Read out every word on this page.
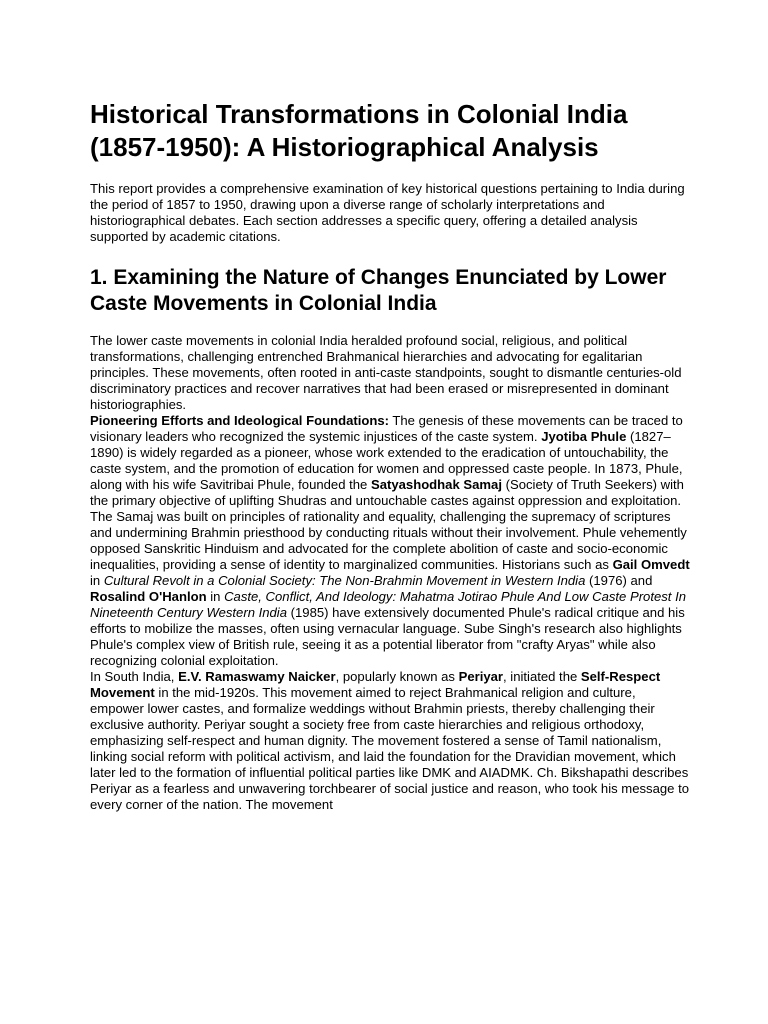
Historical Transformations in Colonial India (1857-1950): A Historiographical Analysis

This report provides a comprehensive examination of key historical questions pertaining to India during the period of 1857 to 1950, drawing upon a diverse range of scholarly interpretations and historiographical debates. Each section addresses a specific query, offering a detailed analysis supported by academic citations.

1. Examining the Nature of Changes Enunciated by Lower Caste Movements in Colonial India

The lower caste movements in colonial India heralded profound social, religious, and political transformations, challenging entrenched Brahmanical hierarchies and advocating for egalitarian principles. These movements, often rooted in anti-caste standpoints, sought to dismantle centuries-old discriminatory practices and recover narratives that had been erased or misrepresented in dominant historiographies.

Pioneering Efforts and Ideological Foundations: The genesis of these movements can be traced to visionary leaders who recognized the systemic injustices of the caste system. Jyotiba Phule (1827–1890) is widely regarded as a pioneer, whose work extended to the eradication of untouchability, the caste system, and the promotion of education for women and oppressed caste people. In 1873, Phule, along with his wife Savitribai Phule, founded the Satyashodhak Samaj (Society of Truth Seekers) with the primary objective of uplifting Shudras and untouchable castes against oppression and exploitation. The Samaj was built on principles of rationality and equality, challenging the supremacy of scriptures and undermining Brahmin priesthood by conducting rituals without their involvement. Phule vehemently opposed Sanskritic Hinduism and advocated for the complete abolition of caste and socio-economic inequalities, providing a sense of identity to marginalized communities. Historians such as Gail Omvedt in Cultural Revolt in a Colonial Society: The Non-Brahmin Movement in Western India (1976) and Rosalind O'Hanlon in Caste, Conflict, And Ideology: Mahatma Jotirao Phule And Low Caste Protest In Nineteenth Century Western India (1985) have extensively documented Phule's radical critique and his efforts to mobilize the masses, often using vernacular language. Sube Singh's research also highlights Phule's complex view of British rule, seeing it as a potential liberator from "crafty Aryas" while also recognizing colonial exploitation.

In South India, E.V. Ramaswamy Naicker, popularly known as Periyar, initiated the Self-Respect Movement in the mid-1920s. This movement aimed to reject Brahmanical religion and culture, empower lower castes, and formalize weddings without Brahmin priests, thereby challenging their exclusive authority. Periyar sought a society free from caste hierarchies and religious orthodoxy, emphasizing self-respect and human dignity. The movement fostered a sense of Tamil nationalism, linking social reform with political activism, and laid the foundation for the Dravidian movement, which later led to the formation of influential political parties like DMK and AIADMK. Ch. Bikshapathi describes Periyar as a fearless and unwavering torchbearer of social justice and reason, who took his message to every corner of the nation. The movement
